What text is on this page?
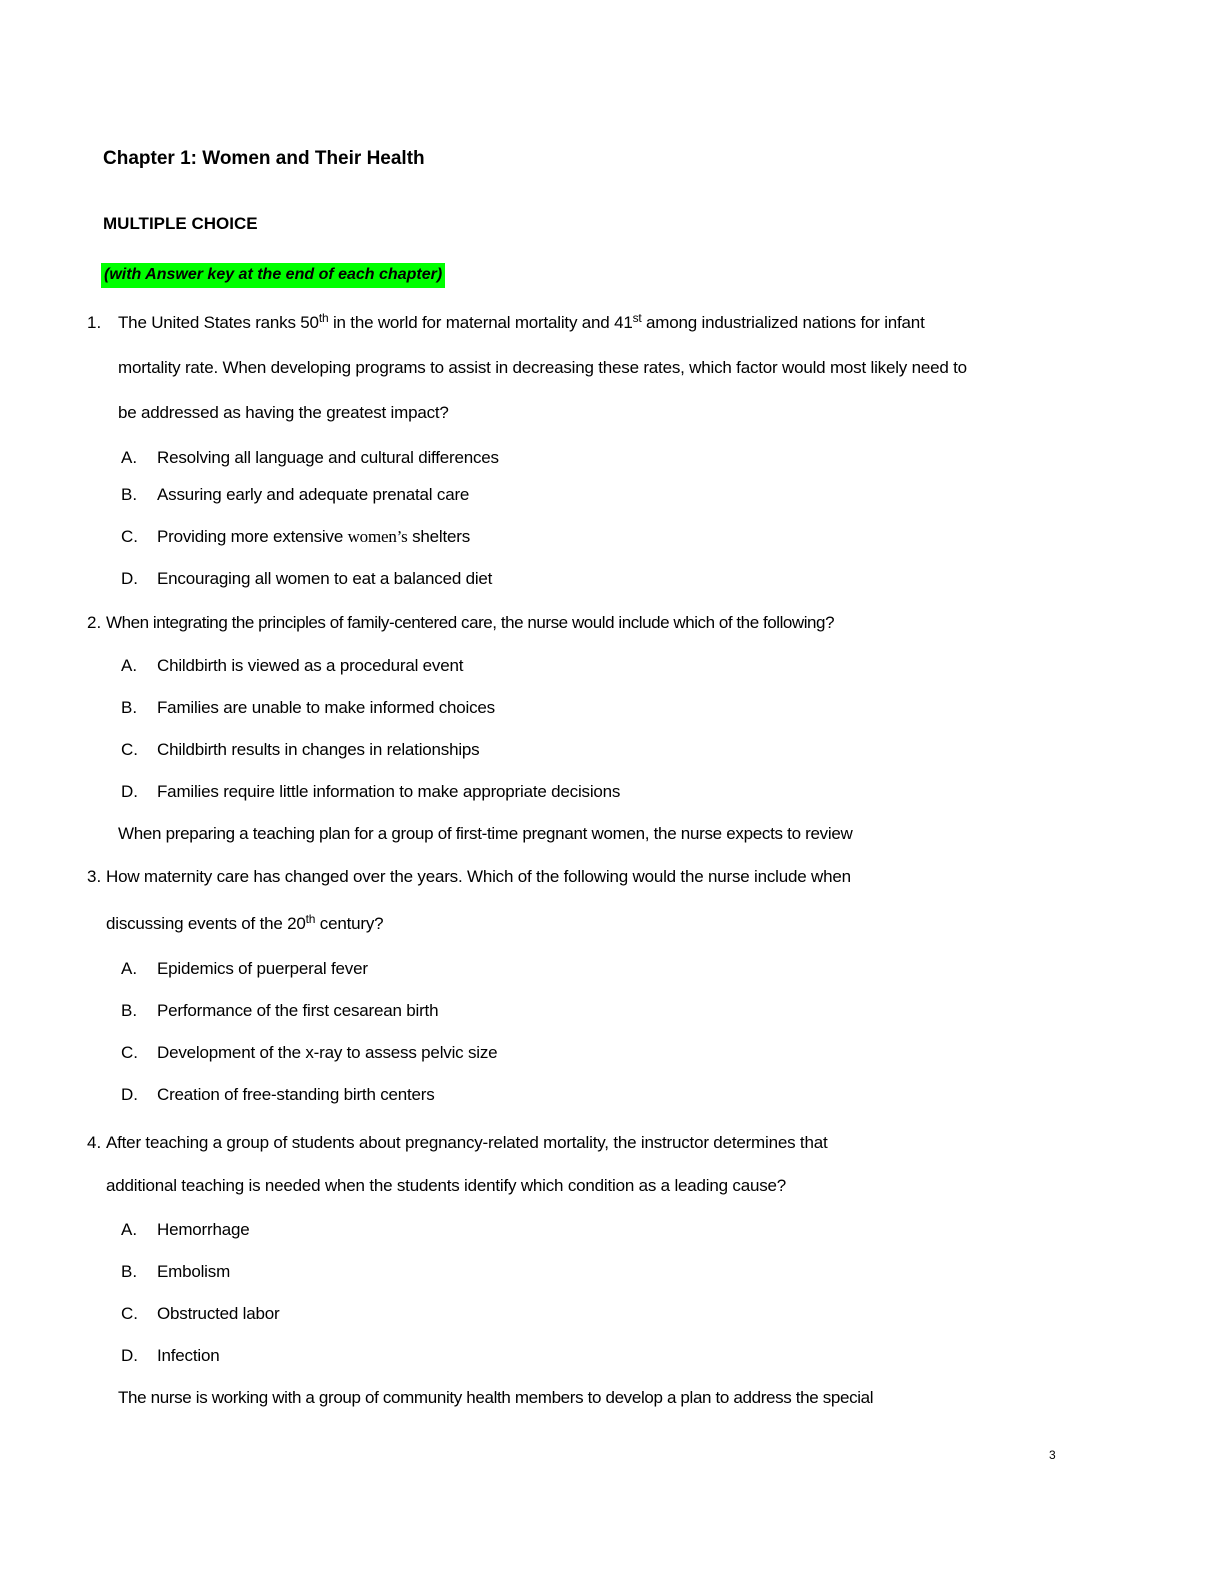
Chapter 1: Women and Their Health
MULTIPLE CHOICE
(with Answer key at the end of each chapter)
1. The United States ranks 50th in the world for maternal mortality and 41st among industrialized nations for infant
mortality rate. When developing programs to assist in decreasing these rates, which factor would most likely need to
be addressed as having the greatest impact?
A. Resolving all language and cultural differences
B. Assuring early and adequate prenatal care
C. Providing more extensive women’s shelters
D. Encouraging all women to eat a balanced diet
2. When integrating the principles of family-centered care, the nurse would include which of the following?
A. Childbirth is viewed as a procedural event
B. Families are unable to make informed choices
C. Childbirth results in changes in relationships
D. Families require little information to make appropriate decisions
When preparing a teaching plan for a group of first-time pregnant women, the nurse expects to review
3. How maternity care has changed over the years. Which of the following would the nurse include when
discussing events of the 20th century?
A. Epidemics of puerperal fever
B. Performance of the first cesarean birth
C. Development of the x-ray to assess pelvic size
D. Creation of free-standing birth centers
4. After teaching a group of students about pregnancy-related mortality, the instructor determines that
additional teaching is needed when the students identify which condition as a leading cause?
A. Hemorrhage
B. Embolism
C. Obstructed labor
D. Infection
The nurse is working with a group of community health members to develop a plan to address the special
3
